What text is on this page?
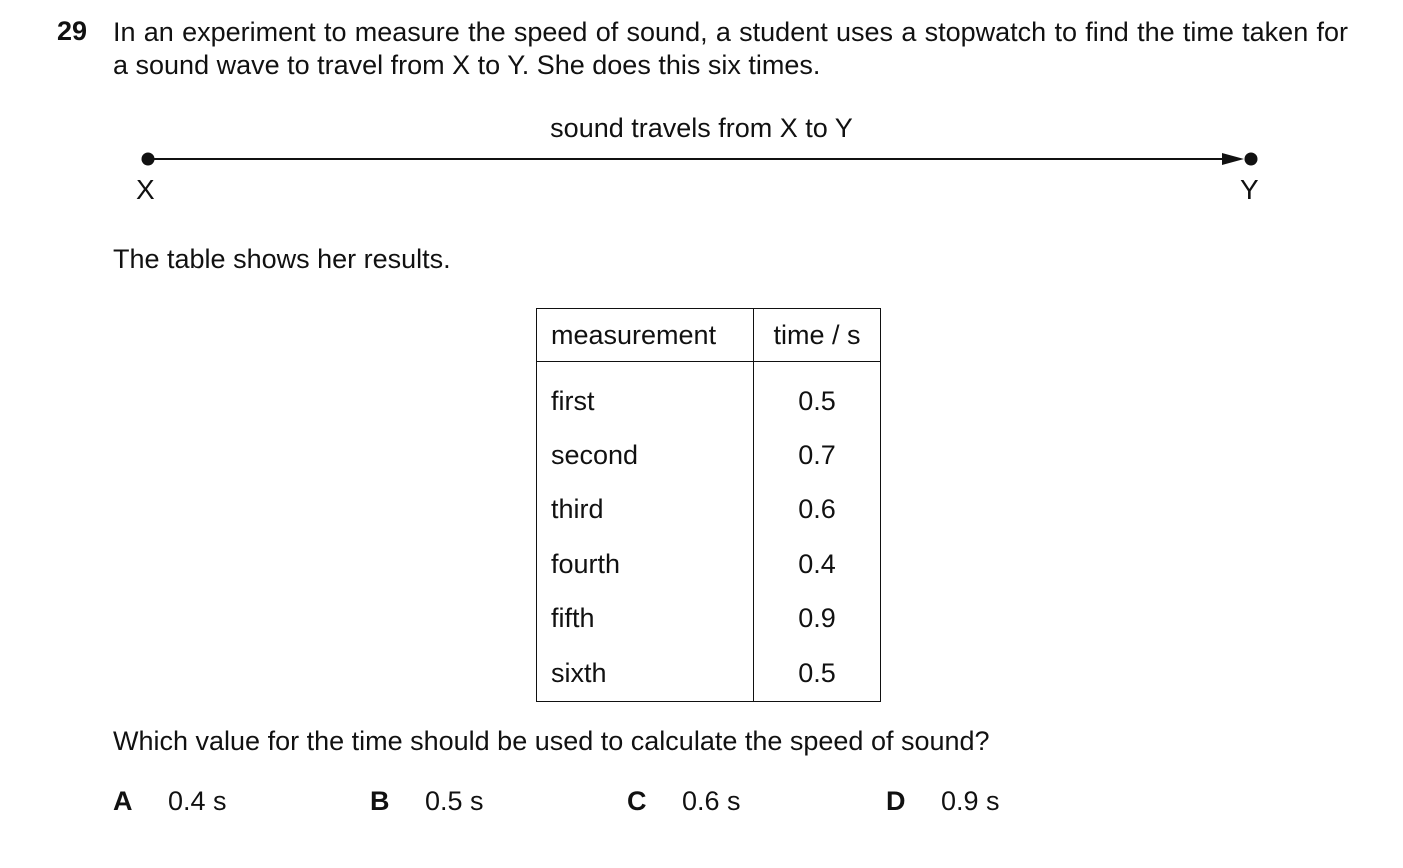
29 In an experiment to measure the speed of sound, a student uses a stopwatch to find the time taken for a sound wave to travel from X to Y. She does this six times.
sound travels from X to Y
X	Y
The table shows her results.
measurement	time / s
first	0.5
second	0.7
third	0.6
fourth	0.4
fifth	0.9
sixth	0.5
Which value for the time should be used to calculate the speed of sound?
A 0.4 s	B 0.5 s	C 0.6 s	D 0.9 s
